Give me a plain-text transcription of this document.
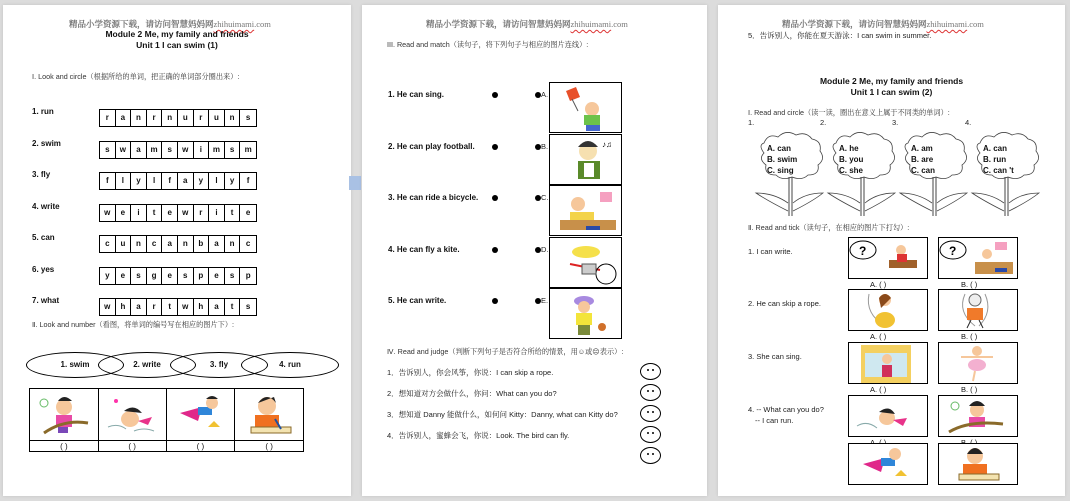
精品小学资源下载，请访问智慧妈妈网zhihuimami.com
Module 2 Me, my family and friends
Unit 1 I can swim (1)
Ⅰ. Look and circle（根据所给的单词，把正确的单词部分圈出来）:
Ⅱ. Look and number（看图，将单词的编号写在相应的图片下）:
1. swim	2. write	3. fly	4. run

( )	( )	( )	( )
1. run
r	a	n	r	n	u	r	u	n	s
2. swim
s	w	a	m	s	w	i	m	s	m
3. fly
f	l	y	l	f	a	y	l	y	f
4. write
w	e	i	t	e	w	r	i	t	e
5. can
c	u	n	c	a	n	b	a	n	c
6. yes
y	e	s	g	e	s	p	e	s	p
7. what
w	h	a	r	t	w	h	a	t	s
精品小学资源下载，请访问智慧妈妈网zhihuimami.com
III. Read and match（读句子，将下列句子与相应的图片连线）:
Ⅳ. Read and judge（判断下列句子是否符合所给的情景，用☺或☹表示）:
1．告诉别人，你会风筝，你说：I can skip a rope.
2．想知道对方会做什么，你问：What can you do?
3．想知道 Danny 能做什么，如何问 Kitty：Danny, what can Kitty do?
4．告诉别人，蜜蜂会飞，你说：Look. The bird can fly.
1. He can sing.	A.
2. He can play football.	B.	♪♫
3. He can ride a bicycle.	C.
4. He can fly a kite.	D.
5. He can write.	E.
精品小学资源下载，请访问智慧妈妈网zhihuimami.com
5．告诉别人，你能在夏天游泳：I can swim in summer.
Module 2 Me, my family and friends
Unit 1 I can swim (2)
Ⅰ. Read and circle（读一读，圈出在意义上属于不同类的单词）:
1.	2.	3.	4.
Ⅱ. Read and tick（读句子，在相应的图片下打勾）:
A. can
B. swim
C. sing
A. he
B. you
C. she
A. am
B. are
C. can
A. can
B. run
C. can 't
1. I can write.	?	?
A. ( )	B. ( )
2. He can skip a rope.
A. ( )	B. ( )
3. She can sing.
A. ( )	B. ( )
4. -- What can you do?
-- I can run.
